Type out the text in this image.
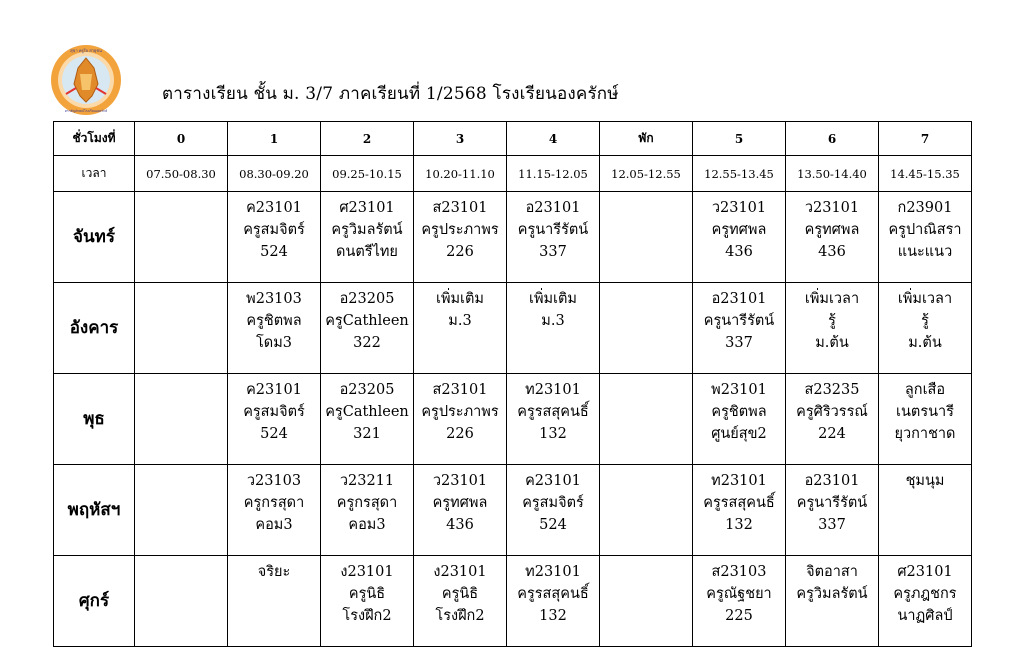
สุขฺา ครูใจ สาธุชน
ตราสัญลักษณ์โรงเรียนองครักษ์
ตารางเรียน ชั้น ม. 3/7 ภาคเรียนที่ 1/2568 โรงเรียนองครักษ์
ชั่วโมงที่	0	1	2	3	4	พัก	5	6	7
เวลา	07.50-08.30	08.30-09.20	09.25-10.15	10.20-11.10	11.15-12.05	12.05-12.55	12.55-13.45	13.50-14.40	14.45-15.35
จันทร์		ค23101
ครูสมจิตร์
524	ศ23101
ครูวิมลรัตน์
ดนตรีไทย	ส23101
ครูประภาพร
226	อ23101
ครูนารีรัตน์
337		ว23101
ครูทศพล
436	ว23101
ครูทศพล
436	ก23901
ครูปาณิสรา
แนะแนว

อังคาร		พ23103
ครูชิตพล
โดม3	อ23205
ครูCathleen
322	เพิ่มเติม
ม.3	เพิ่มเติม
ม.3		อ23101
ครูนารีรัตน์
337	เพิ่มเวลา
รู้
ม.ต้น	เพิ่มเวลา
รู้
ม.ต้น

พุธ		ค23101
ครูสมจิตร์
524	อ23205
ครูCathleen
321	ส23101
ครูประภาพร
226	ท23101
ครูรสสุคนธิ์
132		พ23101
ครูชิตพล
ศูนย์สุข2	ส23235
ครูศิริวรรณ์
224	ลูกเสือ
เนตรนารี
ยุวกาชาด

พฤหัสฯ		ว23103
ครูกรสุดา
คอม3	ว23211
ครูกรสุดา
คอม3	ว23101
ครูทศพล
436	ค23101
ครูสมจิตร์
524		ท23101
ครูรสสุคนธิ์
132	อ23101
ครูนารีรัตน์
337	ชุมนุม

ศุกร์		จริยะ	ง23101
ครูนิธิ
โรงฝึก2	ง23101
ครูนิธิ
โรงฝึก2	ท23101
ครูรสสุคนธิ์
132		ส23103
ครูณัฐชยา
225	จิตอาสา
ครูวิมลรัตน์	ศ23101
ครูภฎชกร
นาฏศิลป์
